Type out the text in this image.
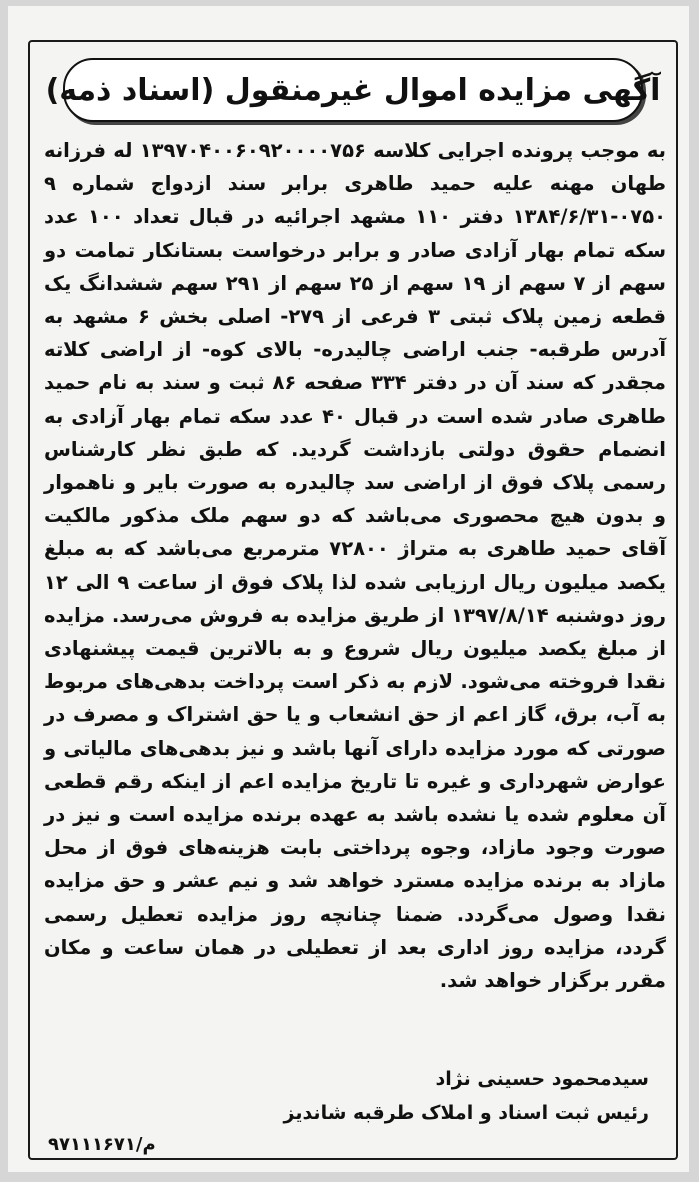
آگهی مزایده اموال غیرمنقول (اسناد ذمه)
به موجب پرونده اجرایی کلاسه ۱۳۹۷۰۴۰۰۶۰۹۲۰۰۰۰۷۵۶ له فرزانه طهان مهنه علیه حمید طاهری برابر سند ازدواج شماره ۹ ۰۷۵۰-۱۳۸۴/۶/۳۱ دفتر ۱۱۰ مشهد اجرائیه در قبال تعداد ۱۰۰ عدد سکه تمام بهار آزادی صادر و برابر درخواست بستانکار تمامت دو سهم از ۷ سهم از ۱۹ سهم از ۲۵ سهم از ۲۹۱ سهم ششدانگ یک قطعه زمین پلاک ثبتی ۳ فرعی از ۲۷۹- اصلی بخش ۶ مشهد به آدرس طرقبه- جنب اراضی چالیدره- بالای کوه- از اراضی کلاته مجقدر که سند آن در دفتر ۳۳۴ صفحه ۸۶ ثبت و سند به نام حمید طاهری صادر شده است در قبال ۴۰ عدد سکه تمام بهار آزادی به انضمام حقوق دولتی بازداشت گردید. که طبق نظر کارشناس رسمی پلاک فوق از اراضی سد چالیدره به صورت بایر و ناهموار و بدون هیچ محصوری می‌باشد که دو سهم ملک مذکور مالکیت آقای حمید طاهری به متراژ ۷۲۸۰۰ مترمربع می‌باشد که به مبلغ یکصد میلیون ریال ارزیابی شده لذا پلاک فوق از ساعت ۹ الی ۱۲ روز دوشنبه ۱۳۹۷/۸/۱۴ از طریق مزایده به فروش می‌رسد. مزایده از مبلغ یکصد میلیون ریال شروع و به بالاترین قیمت پیشنهادی نقدا فروخته می‌شود. لازم به ذکر است پرداخت بدهی‌های مربوط به آب، برق، گاز اعم از حق انشعاب و یا حق اشتراک و مصرف در صورتی که مورد مزایده دارای آنها باشد و نیز بدهی‌های مالیاتی و عوارض شهرداری و غیره تا تاریخ مزایده اعم از اینکه رقم قطعی آن معلوم شده یا نشده باشد به عهده برنده مزایده است و نیز در صورت وجود مازاد، وجوه پرداختی بابت هزینه‌های فوق از محل مازاد به برنده مزایده مسترد خواهد شد و نیم عشر و حق مزایده نقدا وصول می‌گردد. ضمنا چنانچه روز مزایده تعطیل رسمی گردد، مزایده روز اداری بعد از تعطیلی در همان ساعت و مکان مقرر برگزار خواهد شد.
سیدمحمود حسینی نژاد
رئیس ثبت اسناد و املاک طرقبه شاندیز
م/۹۷۱۱۱۶۷۱
